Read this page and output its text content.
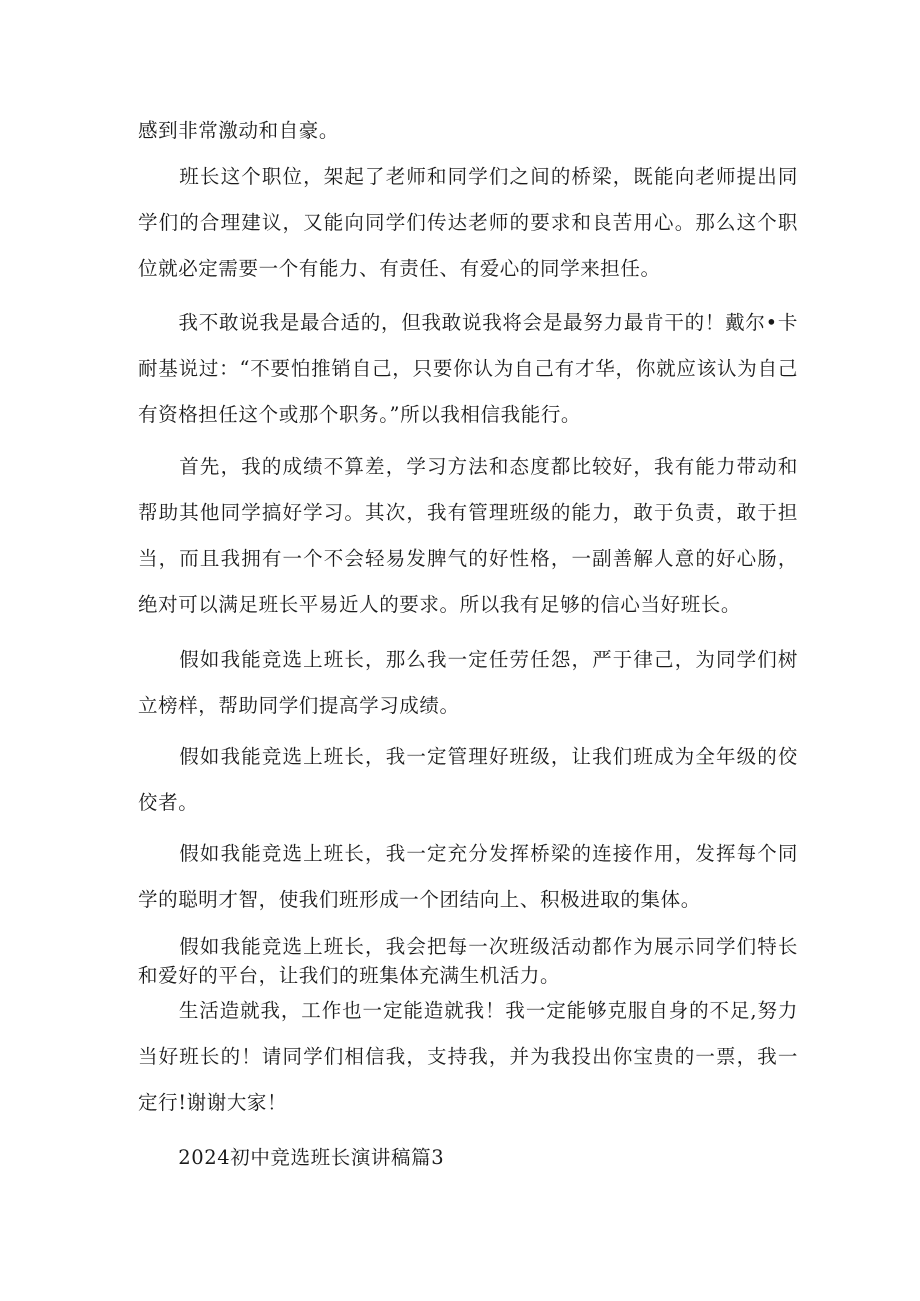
感到非常激动和自豪。

　　班长这个职位，架起了老师和同学们之间的桥梁，既能向老师提出同学们的合理建议，又能向同学们传达老师的要求和良苦用心。那么这个职位就必定需要一个有能力、有责任、有爱心的同学来担任。

　　我不敢说我是最合适的，但我敢说我将会是最努力最肯干的！戴尔•卡耐基说过：“不要怕推销自己，只要你认为自己有才华，你就应该认为自己有资格担任这个或那个职务。”所以我相信我能行。

　　首先，我的成绩不算差，学习方法和态度都比较好，我有能力带动和帮助其他同学搞好学习。其次，我有管理班级的能力，敢于负责，敢于担当，而且我拥有一个不会轻易发脾气的好性格，一副善解人意的好心肠，绝对可以满足班长平易近人的要求。所以我有足够的信心当好班长。

　　假如我能竞选上班长，那么我一定任劳任怨，严于律己，为同学们树立榜样，帮助同学们提高学习成绩。

　　假如我能竞选上班长，我一定管理好班级，让我们班成为全年级的佼佼者。

　　假如我能竞选上班长，我一定充分发挥桥梁的连接作用，发挥每个同学的聪明才智，使我们班形成一个团结向上、积极进取的集体。

　　假如我能竞选上班长，我会把每一次班级活动都作为展示同学们特长和爱好的平台，让我们的班集体充满生机活力。

　　生活造就我，工作也一定能造就我！我一定能够克服自身的不足,努力当好班长的！请同学们相信我，支持我，并为我投出你宝贵的一票，我一定行!谢谢大家！

　　2024初中竞选班长演讲稿篇3
